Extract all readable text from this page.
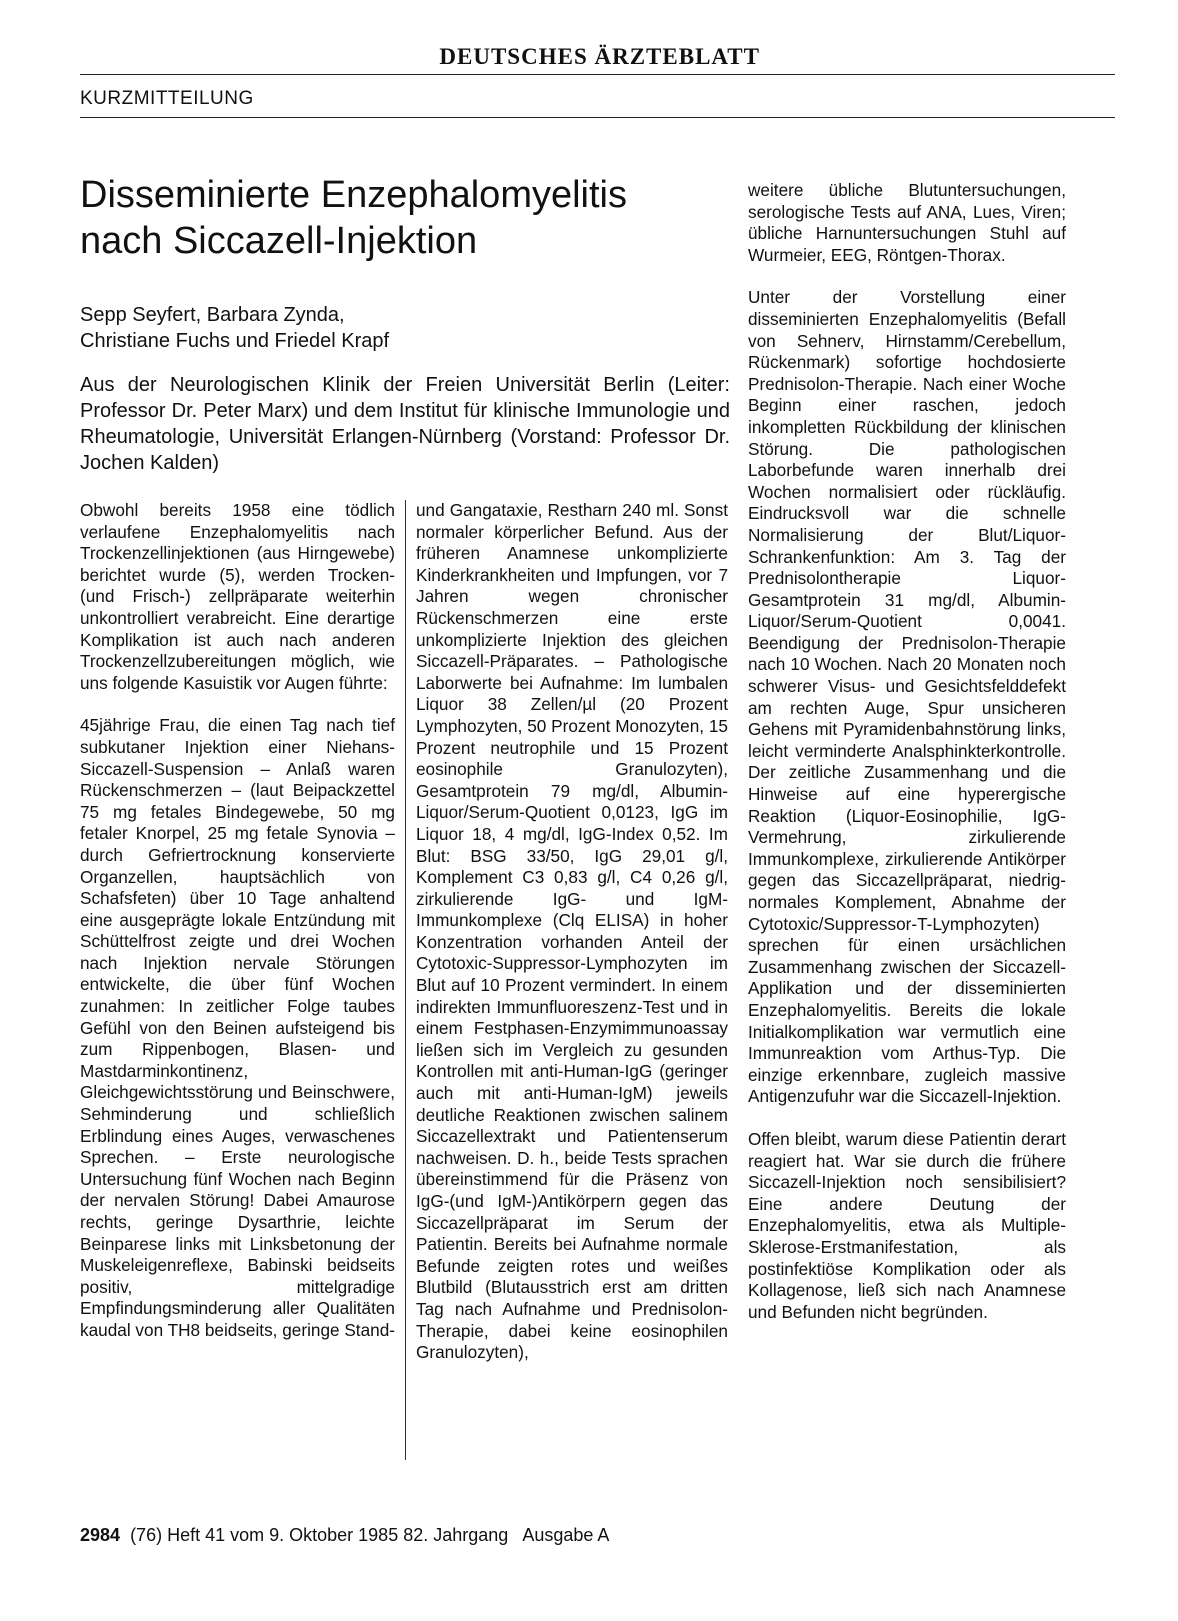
DEUTSCHES ÄRZTEBLATT
KURZMITTEILUNG
Disseminierte Enzephalomyelitis
nach Siccazell-Injektion
Sepp Seyfert, Barbara Zynda,
Christiane Fuchs und Friedel Krapf
Aus der Neurologischen Klinik der Freien Universität Berlin (Leiter: Professor Dr. Peter Marx) und dem Institut für klinische Immunologie und Rheumatologie, Universität Erlangen-Nürnberg (Vorstand: Professor Dr. Jochen Kalden)

Obwohl bereits 1958 eine tödlich verlaufene Enzephalomyelitis nach Trockenzellinjektionen (aus Hirngewebe) berichtet wurde (5), werden Trocken- (und Frisch-) zellpräparate weiterhin unkontrolliert verabreicht. Eine derartige Komplikation ist auch nach anderen Trockenzellzubereitungen möglich, wie uns folgende Kasuistik vor Augen führte:

45jährige Frau, die einen Tag nach tief subkutaner Injektion einer Niehans-Siccazell-Suspension – Anlaß waren Rückenschmerzen – (laut Beipackzettel 75 mg fetales Bindegewebe, 50 mg fetaler Knorpel, 25 mg fetale Synovia – durch Gefriertrocknung konservierte Organzellen, hauptsächlich von Schafsfeten) über 10 Tage anhaltend eine ausgeprägte lokale Entzündung mit Schüttelfrost zeigte und drei Wochen nach Injektion nervale Störungen entwickelte, die über fünf Wochen zunahmen: In zeitlicher Folge taubes Gefühl von den Beinen aufsteigend bis zum Rippenbogen, Blasen- und Mastdarminkontinenz, Gleichgewichtsstörung und Beinschwere, Sehminderung und schließlich Erblindung eines Auges, verwaschenes Sprechen. – Erste neurologische Untersuchung fünf Wochen nach Beginn der nervalen Störung! Dabei Amaurose rechts, geringe Dysarthrie, leichte Beinparese links mit Linksbetonung der Muskeleigenreflexe, Babinski beidseits positiv, mittelgradige Empfindungsminderung aller Qualitäten kaudal von TH8 beidseits, geringe Stand-

und Gangataxie, Restharn 240 ml. Sonst normaler körperlicher Befund. Aus der früheren Anamnese unkomplizierte Kinderkrankheiten und Impfungen, vor 7 Jahren wegen chronischer Rückenschmerzen eine erste unkomplizierte Injektion des gleichen Siccazell-Präparates. – Pathologische Laborwerte bei Aufnahme: Im lumbalen Liquor 38 Zellen/µl (20 Prozent Lymphozyten, 50 Prozent Monozyten, 15 Prozent neutrophile und 15 Prozent eosinophile Granulozyten), Gesamtprotein 79 mg/dl, Albumin-Liquor/Serum-Quotient 0,0123, IgG im Liquor 18, 4 mg/dl, IgG-Index 0,52. Im Blut: BSG 33/50, IgG 29,01 g/l, Komplement C3 0,83 g/l, C4 0,26 g/l, zirkulierende IgG- und IgM-Immunkomplexe (Clq ELISA) in hoher Konzentration vorhanden Anteil der Cytotoxic-Suppressor-Lymphozyten im Blut auf 10 Prozent vermindert. In einem indirekten Immunfluoreszenz-Test und in einem Festphasen-Enzymimmunoassay ließen sich im Vergleich zu gesunden Kontrollen mit anti-Human-IgG (geringer auch mit anti-Human-IgM) jeweils deutliche Reaktionen zwischen salinem Siccazellextrakt und Patientenserum nachweisen. D. h., beide Tests sprachen übereinstimmend für die Präsenz von IgG-(und IgM-)Antikörpern gegen das Siccazellpräparat im Serum der Patientin. Bereits bei Aufnahme normale Befunde zeigten rotes und weißes Blutbild (Blutausstrich erst am dritten Tag nach Aufnahme und Prednisolon-Therapie, dabei keine eosinophilen Granulozyten),

weitere übliche Blutuntersuchungen, serologische Tests auf ANA, Lues, Viren; übliche Harnuntersuchungen Stuhl auf Wurmeier, EEG, Röntgen-Thorax.

Unter der Vorstellung einer disseminierten Enzephalomyelitis (Befall von Sehnerv, Hirnstamm/Cerebellum, Rückenmark) sofortige hochdosierte Prednisolon-Therapie. Nach einer Woche Beginn einer raschen, jedoch inkompletten Rückbildung der klinischen Störung. Die pathologischen Laborbefunde waren innerhalb drei Wochen normalisiert oder rückläufig. Eindrucksvoll war die schnelle Normalisierung der Blut/Liquor-Schrankenfunktion: Am 3. Tag der Prednisolontherapie Liquor-Gesamtprotein 31 mg/dl, Albumin-Liquor/Serum-Quotient 0,0041. Beendigung der Prednisolon-Therapie nach 10 Wochen. Nach 20 Monaten noch schwerer Visus- und Gesichtsfelddefekt am rechten Auge, Spur unsicheren Gehens mit Pyramidenbahnstörung links, leicht verminderte Analsphinkterkontrolle. Der zeitliche Zusammenhang und die Hinweise auf eine hyperergische Reaktion (Liquor-Eosinophilie, IgG-Vermehrung, zirkulierende Immunkomplexe, zirkulierende Antikörper gegen das Siccazellpräparat, niedrig-normales Komplement, Abnahme der Cytotoxic/Suppressor-T-Lymphozyten) sprechen für einen ursächlichen Zusammenhang zwischen der Siccazell-Applikation und der disseminierten Enzephalomyelitis. Bereits die lokale Initialkomplikation war vermutlich eine Immunreaktion vom Arthus-Typ. Die einzige erkennbare, zugleich massive Antigenzufuhr war die Siccazell-Injektion.

Offen bleibt, warum diese Patientin derart reagiert hat. War sie durch die frühere Siccazell-Injektion noch sensibilisiert? Eine andere Deutung der Enzephalomyelitis, etwa als Multiple-Sklerose-Erstmanifestation, als postinfektiöse Komplikation oder als Kollagenose, ließ sich nach Anamnese und Befunden nicht begründen.

2984 (76) Heft 41 vom 9. Oktober 1985 82. Jahrgang Ausgabe A
